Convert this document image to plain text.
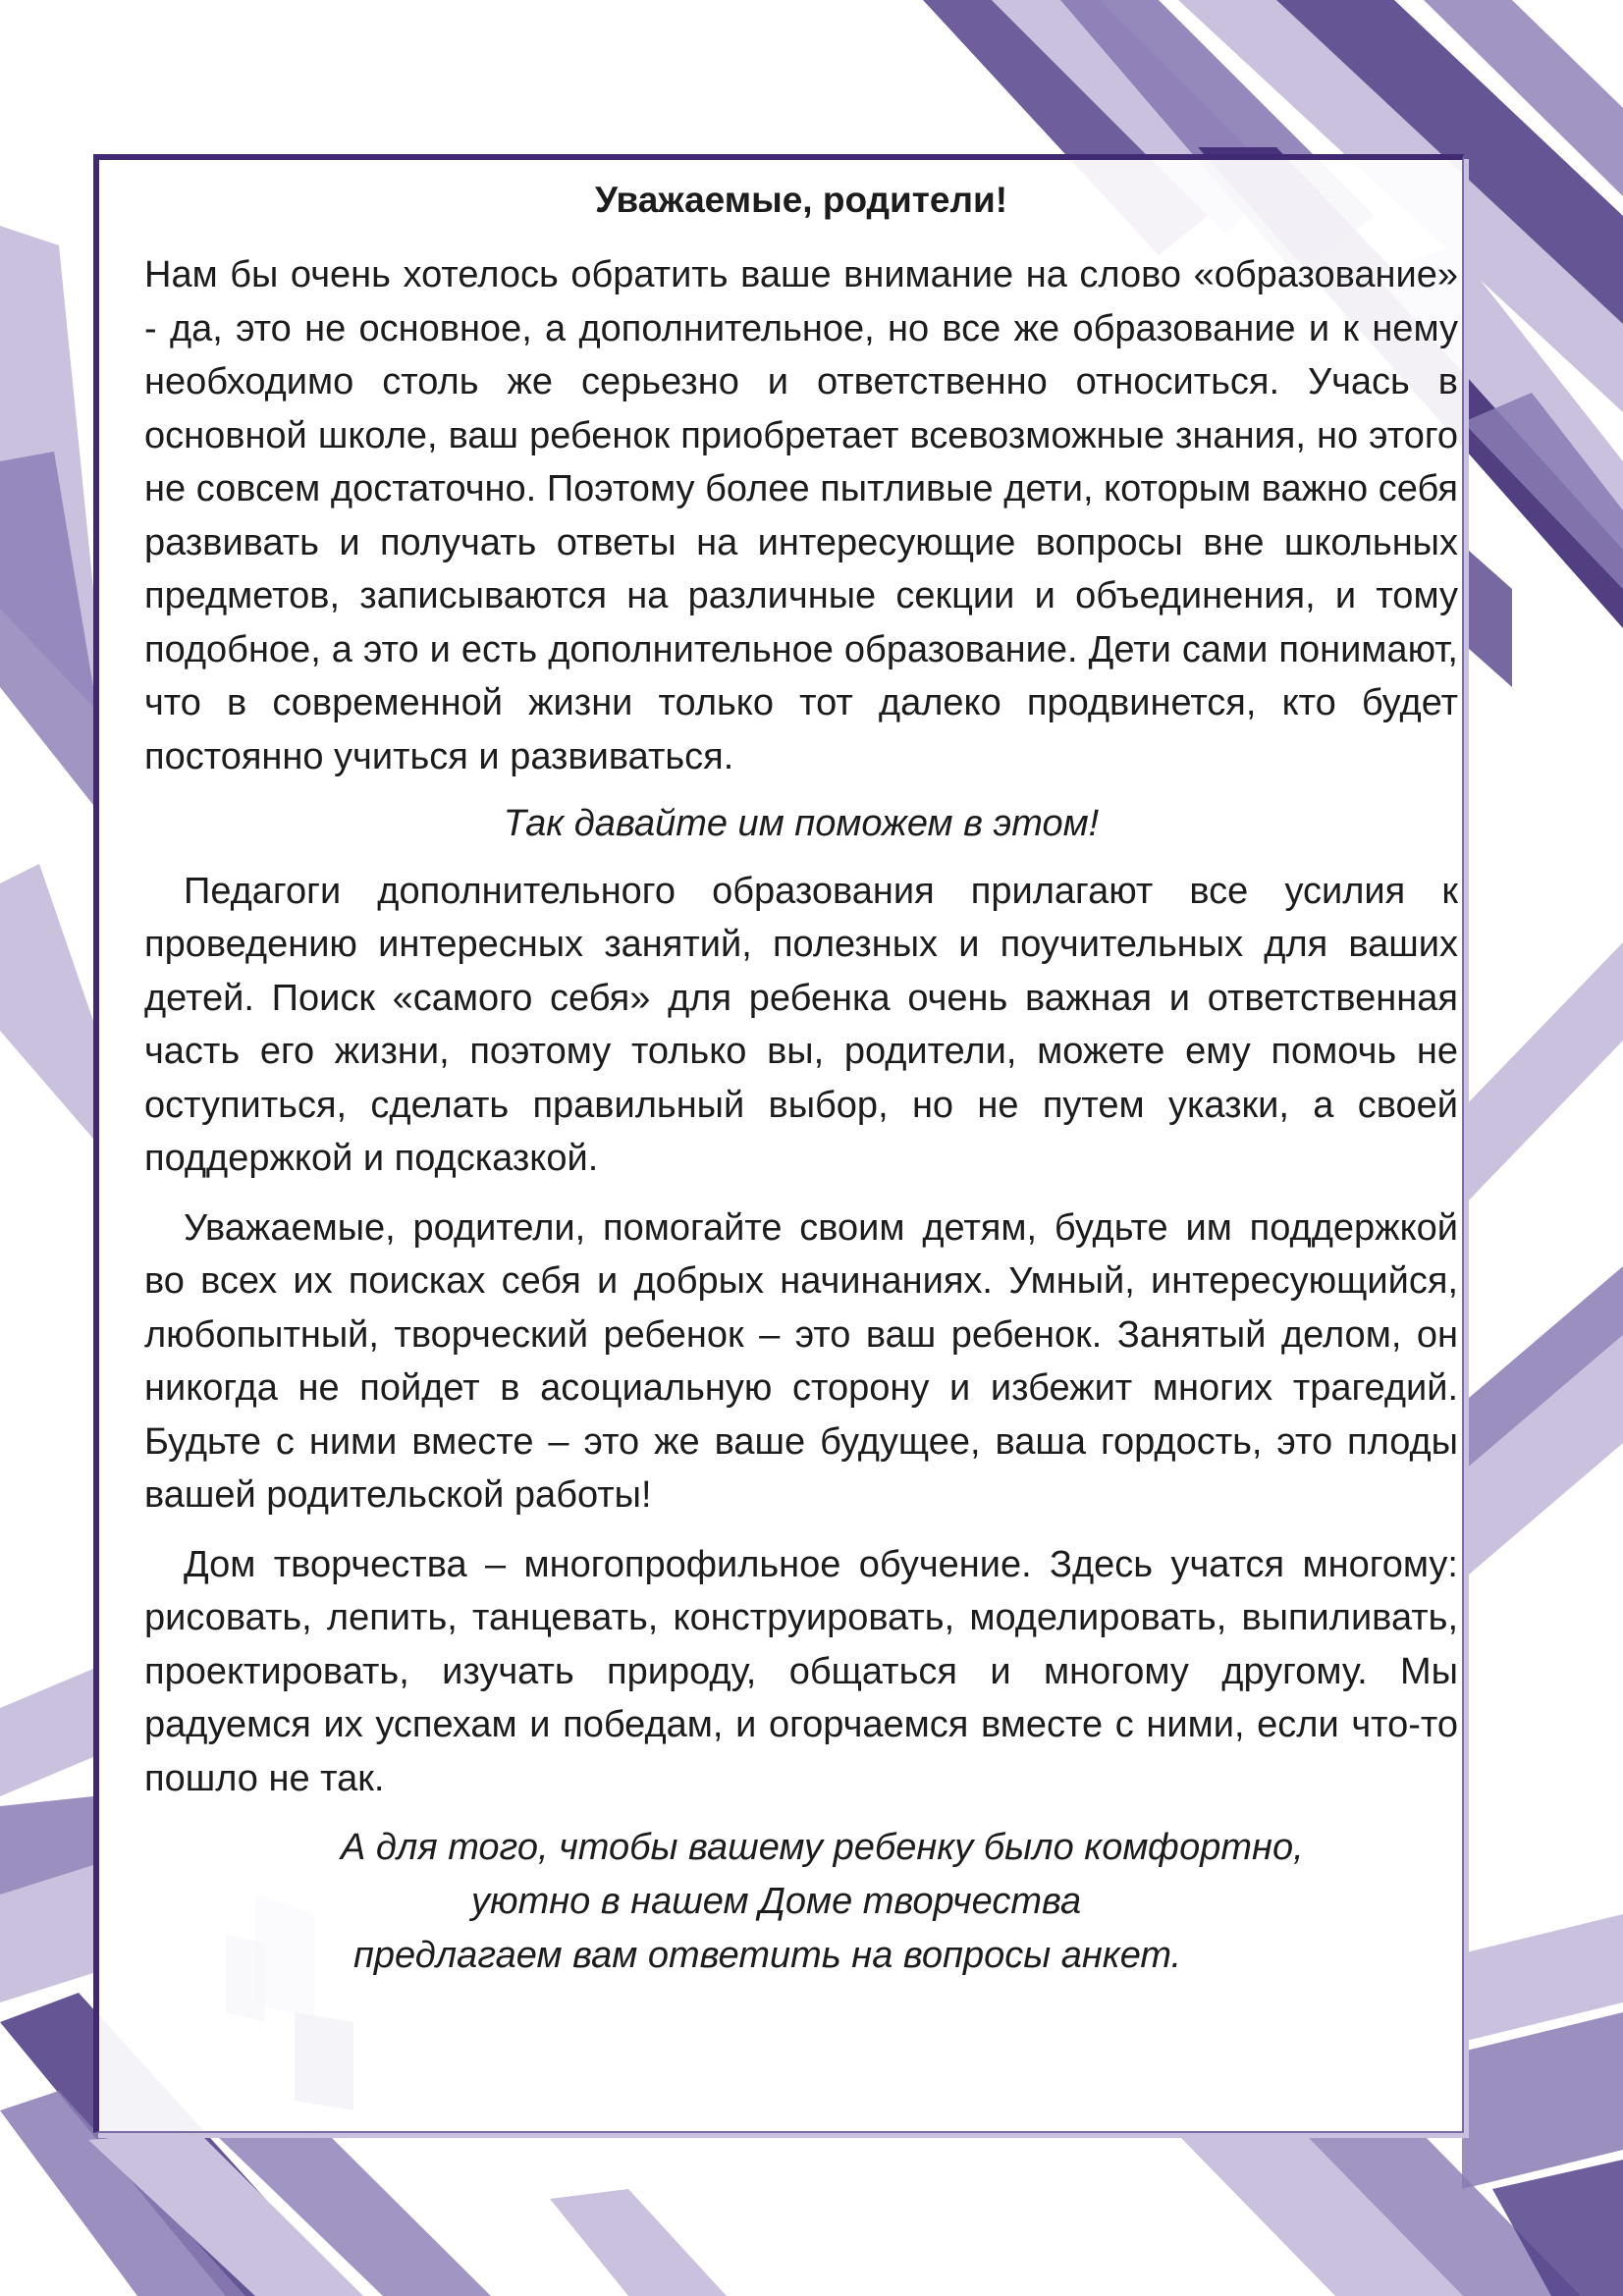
Уважаемые, родители!

Нам бы очень хотелось обратить ваше внимание на слово «образование» - да, это не основное, а дополнительное, но все же образование и к нему необходимо столь же серьезно и ответственно относиться. Учась в основной школе, ваш ребенок приобретает всевозможные знания, но этого не совсем достаточно. Поэтому более пытливые дети, которым важно себя развивать и получать ответы на интересующие вопросы вне школьных предметов, записываются на различные секции и объединения, и тому подобное, а это и есть дополнительное образование. Дети сами понимают, что в современной жизни только тот далеко продвинется, кто будет постоянно учиться и развиваться.

Так давайте им поможем в этом!

Педагоги дополнительного образования прилагают все усилия к проведению интересных занятий, полезных и поучительных для ваших детей. Поиск «самого себя» для ребенка очень важная и ответственная часть его жизни, поэтому только вы, родители, можете ему помочь не оступиться, сделать правильный выбор, но не путем указки, а своей поддержкой и подсказкой.

Уважаемые, родители, помогайте своим детям, будьте им поддержкой во всех их поисках себя и добрых начинаниях. Умный, интересующийся, любопытный, творческий ребенок – это ваш ребенок. Занятый делом, он никогда не пойдет в асоциальную сторону и избежит многих трагедий. Будьте с ними вместе – это же ваше будущее, ваша гордость, это плоды вашей родительской работы!

Дом творчества – многопрофильное обучение. Здесь учатся многому: рисовать, лепить, танцевать, конструировать, моделировать, выпиливать, проектировать, изучать природу, общаться и многому другому. Мы радуемся их успехам и победам, и огорчаемся вместе с ними, если что-то пошло не так.

А для того, чтобы вашему ребенку было комфортно,
уютно в нашем Доме творчества
предлагаем вам ответить на вопросы анкет.
